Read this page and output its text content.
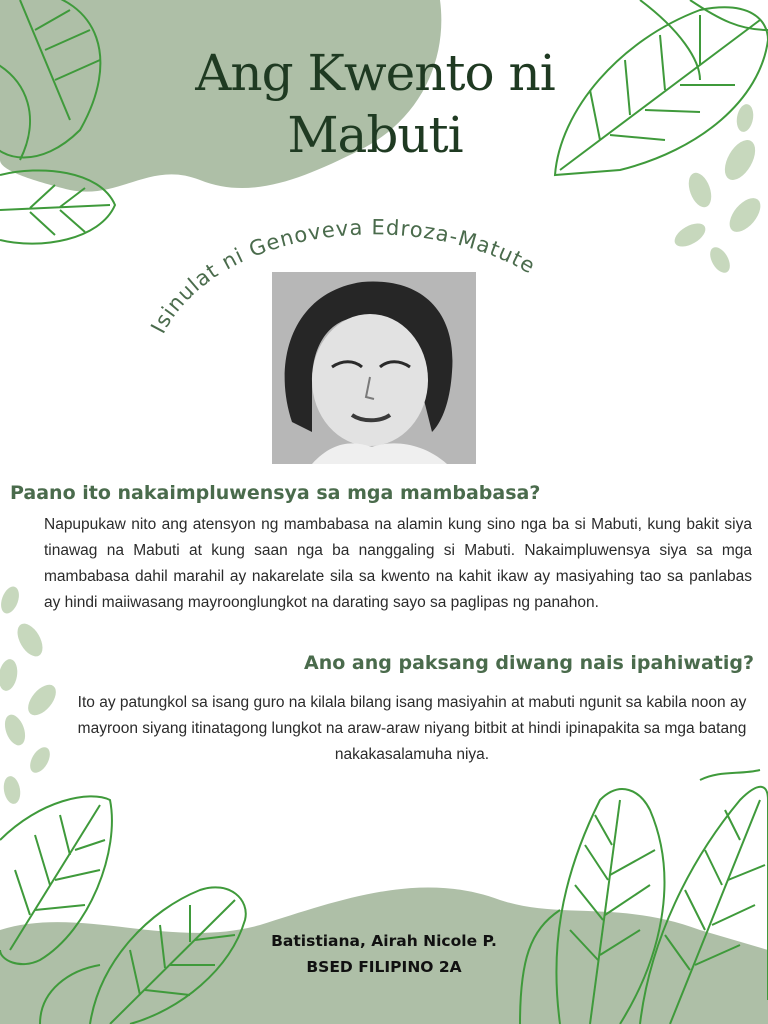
Ang Kwento ni
Mabuti
Isinulat ni Genoveva Edroza-Matute
Paano ito nakaimpluwensya sa mga mambabasa?
Napupukaw nito ang atensyon ng mambabasa na alamin kung sino nga ba si Mabuti, kung bakit siya tinawag na Mabuti at kung saan nga ba nanggaling si Mabuti. Nakaimpluwensya siya sa mga mambabasa dahil marahil ay nakarelate sila sa kwento na kahit ikaw ay masiyahing tao sa panlabas ay hindi maiiwasang mayroonglungkot na darating sayo sa paglipas ng panahon.
Ano ang paksang diwang nais ipahiwatig?
Ito ay patungkol sa isang guro na kilala bilang isang masiyahin at mabuti ngunit sa kabila noon ay mayroon siyang itinatagong lungkot na araw-araw niyang bitbit at hindi ipinapakita sa mga batang nakakasalamuha niya.
Batistiana, Airah Nicole P.
BSED FILIPINO 2A
